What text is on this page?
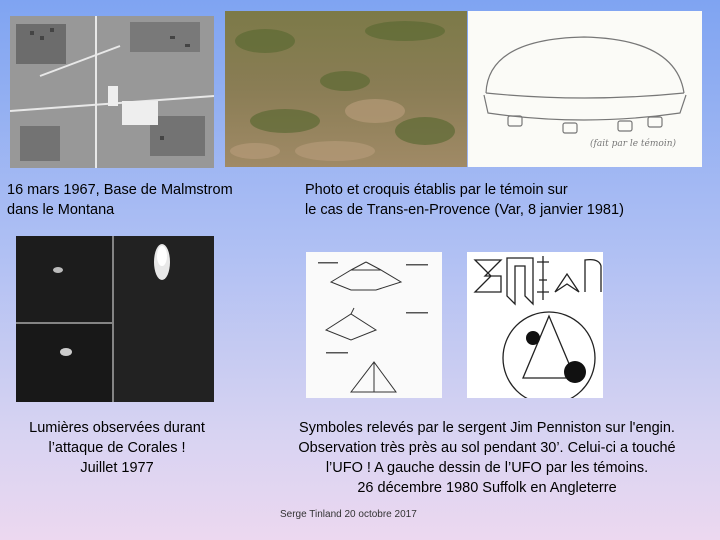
(fait par le témoin)
16 mars 1967, Base de Malmstrom
dans le Montana
Photo et croquis établis par le témoin sur
le cas de Trans-en-Provence (Var, 8 janvier 1981)
Lumières observées durant
l’attaque de Corales !
Juillet 1977
Symboles relevés par le sergent Jim Penniston sur l'engin.
Observation très près au sol pendant 30’. Celui-ci a touché
l’UFO ! A gauche dessin de l’UFO par les témoins.
26 décembre 1980 Suffolk en Angleterre
Serge Tinland 20 octobre 2017
